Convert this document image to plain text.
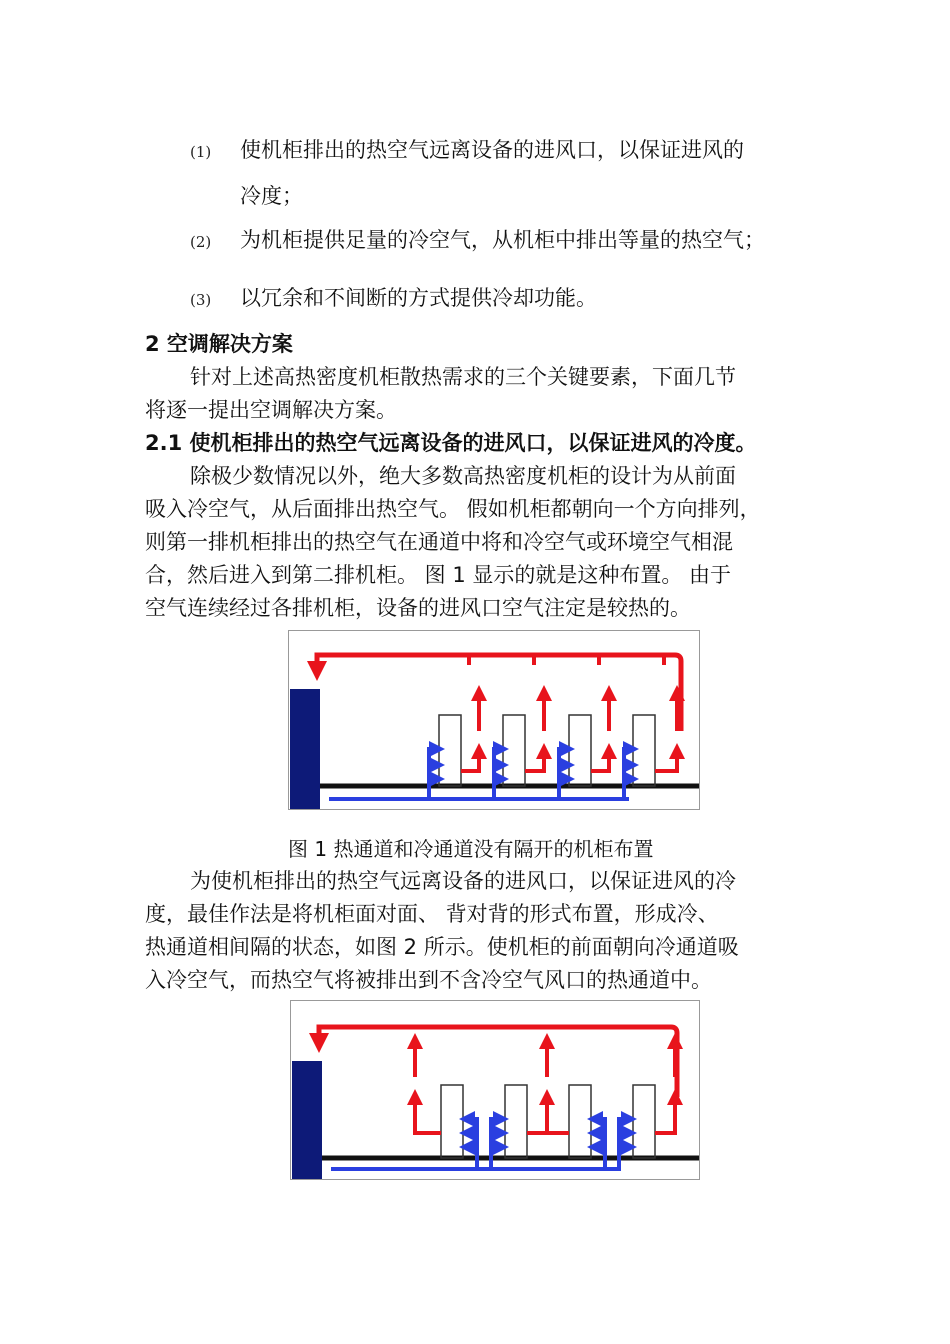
(1) 使机柜排出的热空气远离设备的进风口，以保证进风的
冷度；
(2) 为机柜提供足量的冷空气，从机柜中排出等量的热空气；
(3) 以冗余和不间断的方式提供冷却功能。
2 空调解决方案
针对上述高热密度机柜散热需求的三个关键要素，下面几节
将逐一提出空调解决方案。
2.1 使机柜排出的热空气远离设备的进风口，以保证进风的冷度。
除极少数情况以外，绝大多数高热密度机柜的设计为从前面
吸入冷空气，从后面排出热空气。 假如机柜都朝向一个方向排列，
则第一排机柜排出的热空气在通道中将和冷空气或环境空气相混
合，然后进入到第二排机柜。 图 1 显示的就是这种布置。 由于
空气连续经过各排机柜，设备的进风口空气注定是较热的。
图 1 热通道和冷通道没有隔开的机柜布置
为使机柜排出的热空气远离设备的进风口，以保证进风的冷
度，最佳作法是将机柜面对面、 背对背的形式布置，形成冷、
热通道相间隔的状态，如图 2 所示。使机柜的前面朝向冷通道吸
入冷空气，而热空气将被排出到不含冷空气风口的热通道中。
